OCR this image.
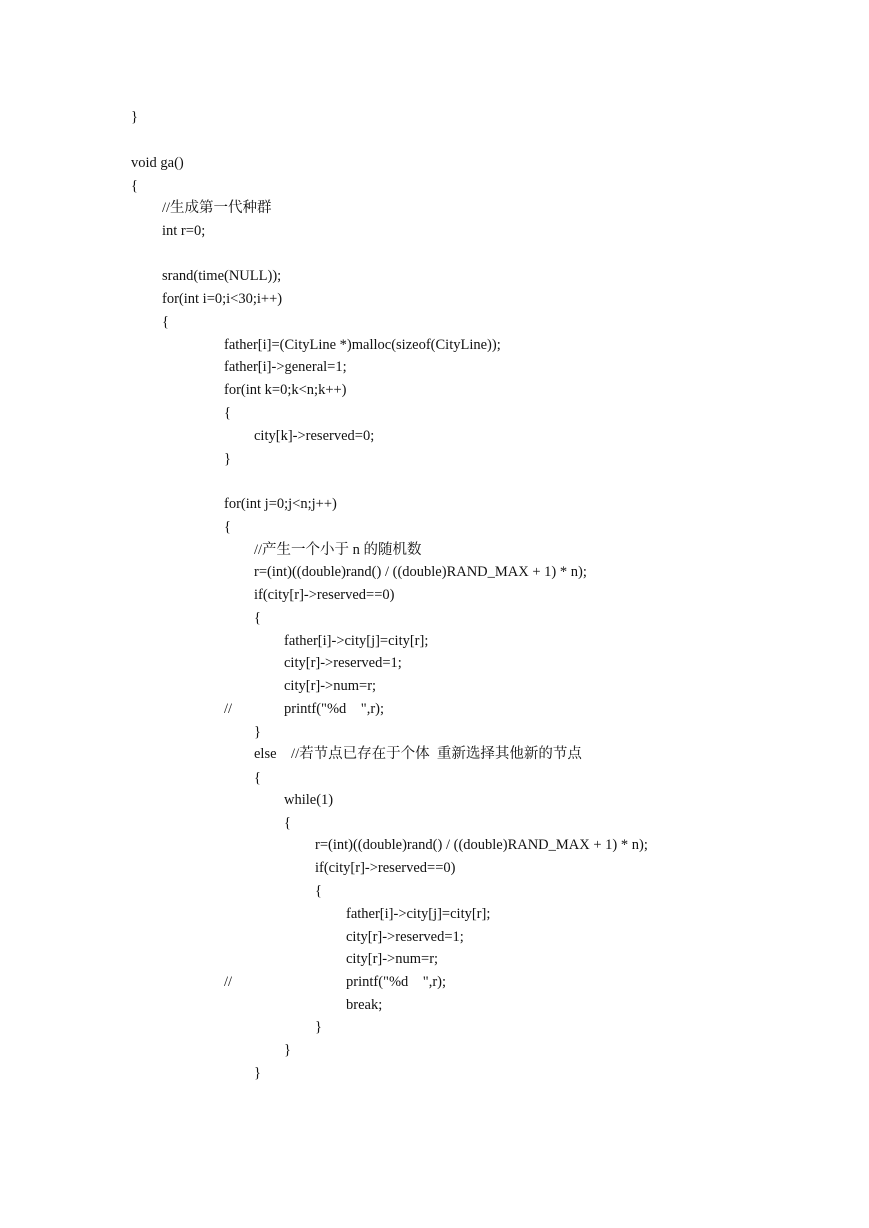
}
void ga()
{
//生成第一代种群
int r=0;
srand(time(NULL));
for(int i=0;i<30;i++)
{
father[i]=(CityLine *)malloc(sizeof(CityLine));
father[i]->general=1;
for(int k=0;k<n;k++)
{
city[k]->reserved=0;
}
for(int j=0;j<n;j++)
{
//产生一个小于 n 的随机数
r=(int)((double)rand() / ((double)RAND_MAX + 1) * n);
if(city[r]->reserved==0)
{
father[i]->city[j]=city[r];
city[r]->reserved=1;
city[r]->num=r;
//	printf("%d    ",r);
}
else    //若节点已存在于个体  重新选择其他新的节点
{
while(1)
{
r=(int)((double)rand() / ((double)RAND_MAX + 1) * n);
if(city[r]->reserved==0)
{
father[i]->city[j]=city[r];
city[r]->reserved=1;
city[r]->num=r;
//	printf("%d    ",r);
break;
}
}
}
